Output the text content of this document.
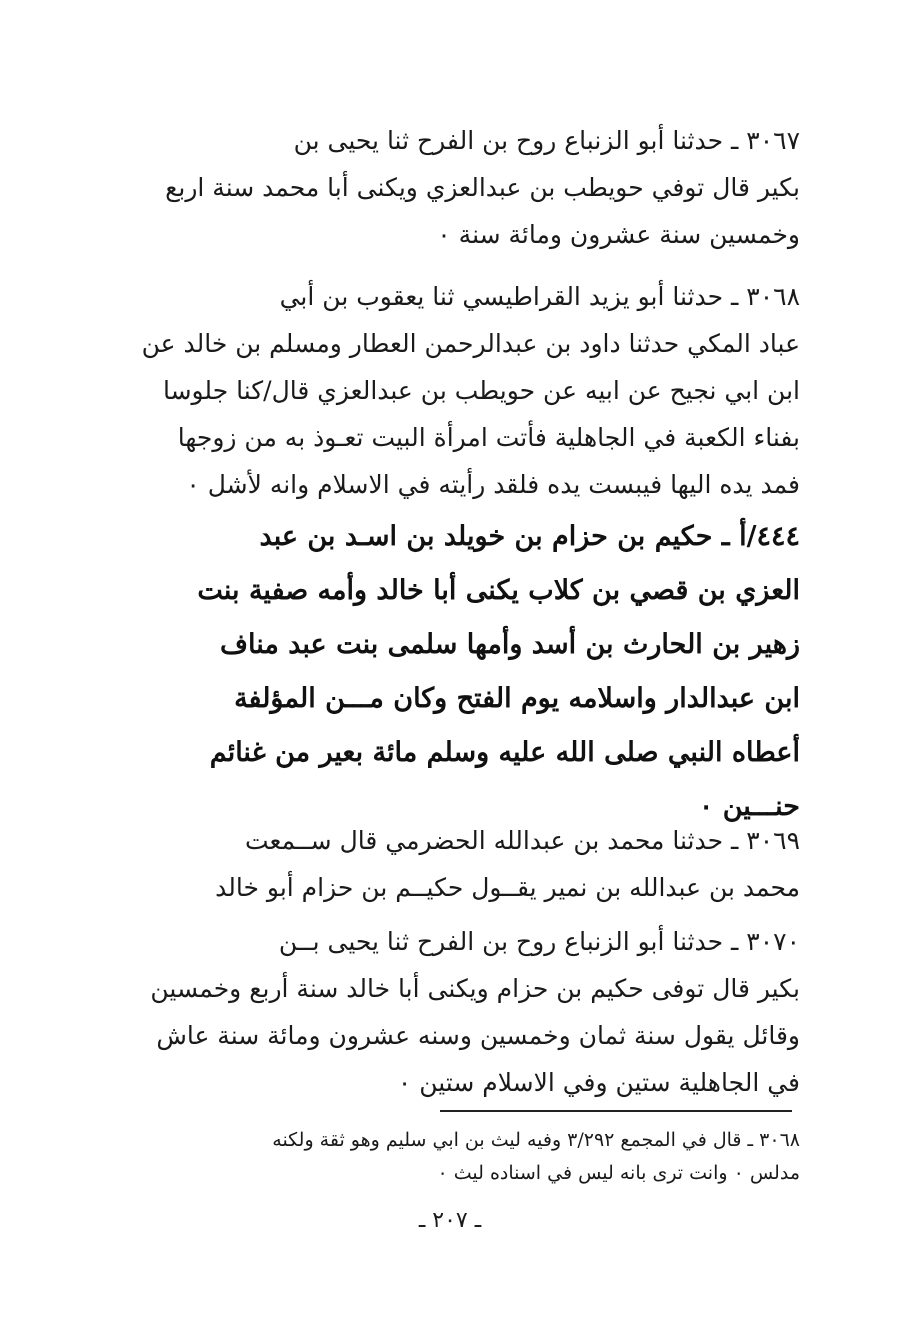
٣٠٦٧ ـ حدثنا أبو الزنباع روح بن الفرح ثنا يحيى بن
بكير قال توفي حويطب بن عبدالعزي ويكنى أبا محمد سنة اربع
وخمسين سنة عشرون ومائة سنة ٠
٣٠٦٨ ـ حدثنا أبو يزيد القراطيسي ثنا يعقوب بن أبي
عباد المكي حدثنا داود بن عبدالرحمن العطار ومسلم بن خالد عن
ابن ابي نجيح عن ابيه عن حويطب بن عبدالعزي قال/كنا جلوسا
بفناء الكعبة في الجاهلية فأتت امرأة البيت تعـوذ به من زوجها
فمد يده اليها فيبست يده فلقد رأيته في الاسلام وانه لأشل ٠
٤٤٤/أ ـ حكيم بن حزام بن خويلد بن اسـد بن عبد
العزي بن قصي بن كلاب يكنى أبا خالد وأمه صفية بنت
زهير بن الحارث بن أسد وأمها سلمى بنت عبد مناف
ابن عبدالدار واسلامه يوم الفتح وكان مـــن المؤلفة
أعطاه النبي صلى الله عليه وسلم مائة بعير من غنائم
حنـــين ٠
٣٠٦٩ ـ حدثنا محمد بن عبدالله الحضرمي قال ســمعت
محمد بن عبدالله بن نمير يقــول حكيــم بن حزام أبو خالد
٣٠٧٠ ـ حدثنا أبو الزنباع روح بن الفرح ثنا يحيى بــن
بكير قال توفى حكيم بن حزام ويكنى أبا خالد سنة أربع وخمسين
وقائل يقول سنة ثمان وخمسين وسنه عشرون ومائة سنة عاش
في الجاهلية ستين وفي الاسلام ستين ٠
٣٠٦٨ ـ قال في المجمع ٣/٢٩٢ وفيه ليث بن ابي سليم وهو ثقة ولكنه
مدلس ٠ وانت ترى بانه ليس في اسناده ليث ٠
ـ ٢٠٧ ـ
